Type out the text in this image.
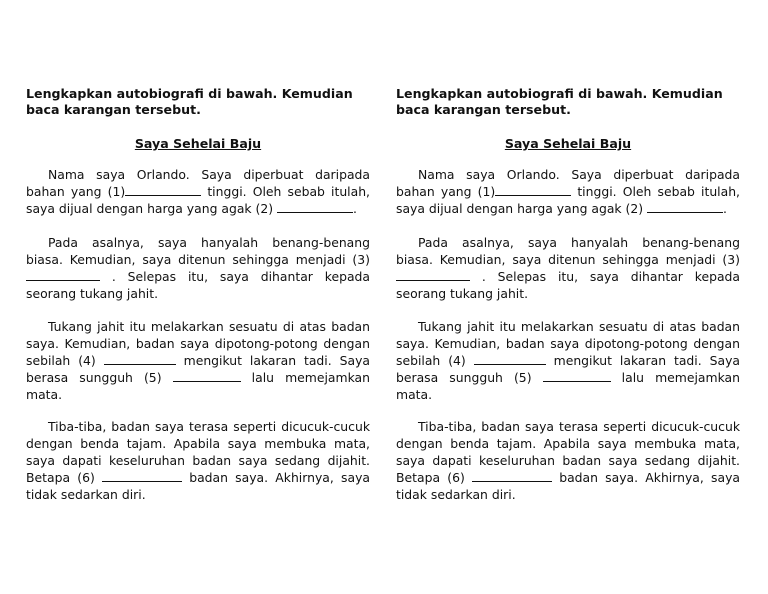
Lengkapkan autobiografi di bawah. Kemudian baca karangan tersebut.

Saya Sehelai Baju

Nama saya Orlando. Saya diperbuat daripada bahan yang (1)	tinggi. Oleh sebab itulah, saya dijual dengan harga yang agak (2)	.

Pada asalnya, saya hanyalah benang-benang biasa. Kemudian, saya ditenun sehingga menjadi (3)  . Selepas itu, saya dihantar kepada seorang tukang jahit.

Tukang jahit itu melakarkan sesuatu di atas badan saya. Kemudian, badan saya dipotong-potong dengan sebilah (4)	mengikut lakaran tadi. Saya berasa sungguh (5)	lalu memejamkan mata.

Tiba-tiba, badan saya terasa seperti dicucuk-cucuk dengan benda tajam. Apabila saya membuka mata, saya dapati keseluruhan badan saya sedang dijahit. Betapa (6)	badan saya. Akhirnya, saya tidak sedarkan diri.

Lengkapkan autobiografi di bawah. Kemudian baca karangan tersebut.

Saya Sehelai Baju

Nama saya Orlando. Saya diperbuat daripada bahan yang (1)	tinggi. Oleh sebab itulah, saya dijual dengan harga yang agak (2)	.

Pada asalnya, saya hanyalah benang-benang biasa. Kemudian, saya ditenun sehingga menjadi (3)  . Selepas itu, saya dihantar kepada seorang tukang jahit.

Tukang jahit itu melakarkan sesuatu di atas badan saya. Kemudian, badan saya dipotong-potong dengan sebilah (4)	mengikut lakaran tadi. Saya berasa sungguh (5)	lalu memejamkan mata.

Tiba-tiba, badan saya terasa seperti dicucuk-cucuk dengan benda tajam. Apabila saya membuka mata, saya dapati keseluruhan badan saya sedang dijahit. Betapa (6)	badan saya. Akhirnya, saya tidak sedarkan diri.
